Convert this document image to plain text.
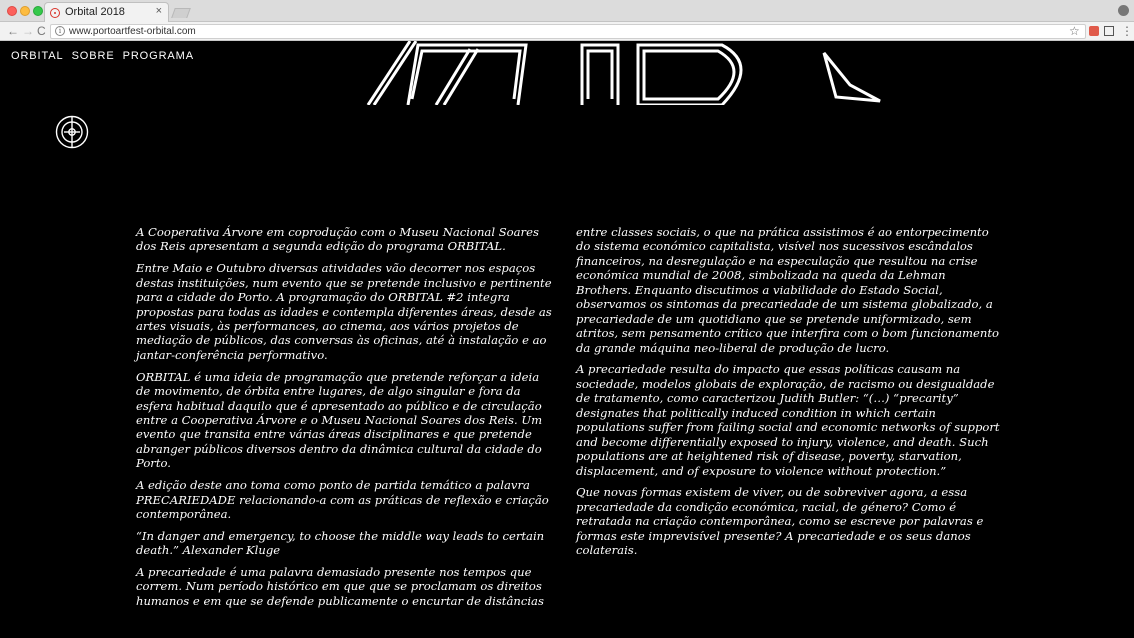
Orbital 2018	×
← → C	i www.portoartfest-orbital.com	☆	⋮
ORBITAL SOBRE PROGRAMA

A Cooperativa Árvore em coprodução com o Museu Nacional Soares dos Reis apresentam a segunda edição do programa ORBITAL.

Entre Maio e Outubro diversas atividades vão decorrer nos espaços destas instituições, num evento que se pretende inclusivo e pertinente para a cidade do Porto. A programação do ORBITAL #2 integra propostas para todas as idades e contempla diferentes áreas, desde as artes visuais, às performances, ao cinema, aos vários projetos de mediação de públicos, das conversas às oficinas, até à instalação e ao jantar-conferência performativo.

ORBITAL é uma ideia de programação que pretende reforçar a ideia de movimento, de órbita entre lugares, de algo singular e fora da esfera habitual daquilo que é apresentado ao público e de circulação entre a Cooperativa Árvore e o Museu Nacional Soares dos Reis. Um evento que transita entre várias áreas disciplinares e que pretende abranger públicos diversos dentro da dinâmica cultural da cidade do Porto.

A edição deste ano toma como ponto de partida temático a palavra PRECARIEDADE relacionando-a com as práticas de reflexão e criação contemporânea.

“In danger and emergency, to choose the middle way leads to certain death.” Alexander Kluge

A precariedade é uma palavra demasiado presente nos tempos que correm. Num período histórico em que que se proclamam os direitos humanos e em que se defende publicamente o encurtar de distâncias

entre classes sociais, o que na prática assistimos é ao entorpecimento do sistema económico capitalista, visível nos sucessivos escândalos financeiros, na desregulação e na especulação que resultou na crise económica mundial de 2008, simbolizada na queda da Lehman Brothers. Enquanto discutimos a viabilidade do Estado Social, observamos os sintomas da precariedade de um sistema globalizado, a precariedade de um quotidiano que se pretende uniformizado, sem atritos, sem pensamento crítico que interfira com o bom funcionamento da grande máquina neo-liberal de produção de lucro.

A precariedade resulta do impacto que essas políticas causam na sociedade, modelos globais de exploração, de racismo ou desigualdade de tratamento, como caracterizou Judith Butler: “(…) “precarity” designates that politically induced condition in which certain populations suffer from failing social and economic networks of support and become differentially exposed to injury, violence, and death. Such populations are at heightened risk of disease, poverty, starvation, displacement, and of exposure to violence without protection.”

Que novas formas existem de viver, ou de sobreviver agora, a essa precariedade da condição económica, racial, de género? Como é retratada na criação contemporânea, como se escreve por palavras e formas este imprevisível presente? A precariedade e os seus danos colaterais.
